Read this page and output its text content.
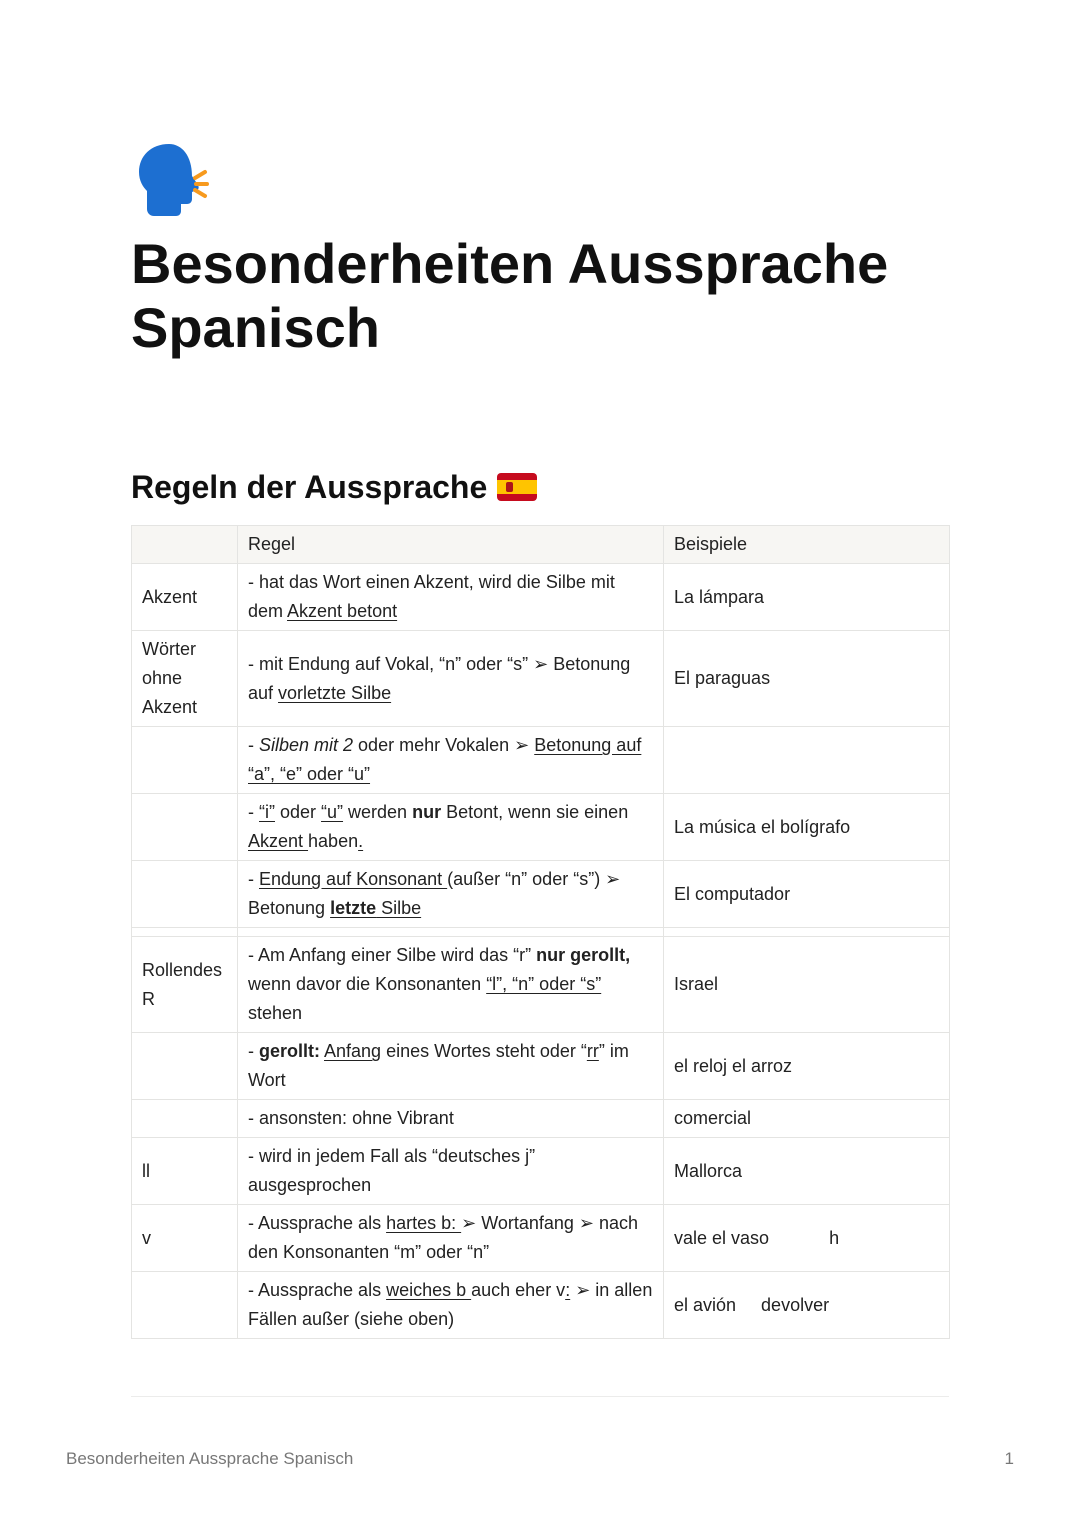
Besonderheiten Aussprache Spanisch
Regeln der Aussprache
	Regel	Beispiele
Akzent	- hat das Wort einen Akzent, wird die Silbe mit dem Akzent betont	La lámpara
Wörter ohne Akzent	- mit Endung auf Vokal, “n” oder “s” ➢ Betonung auf vorletzte Silbe	El paraguas
	- Silben mit 2 oder mehr Vokalen ➢ Betonung auf “a”, “e” oder “u”	
	- “i” oder “u” werden nur Betont, wenn sie einen Akzent haben.	La música el bolígrafo
	- Endung auf Konsonant (außer “n” oder “s”) ➢ Betonung letzte Silbe	El computador

Rollendes R	- Am Anfang einer Silbe wird das “r” nur gerollt, wenn davor die Konsonanten “l”, “n” oder “s” stehen	Israel
	- gerollt: Anfang eines Wortes steht oder “rr” im Wort	el reloj el arroz
	- ansonsten: ohne Vibrant	comercial
ll	- wird in jedem Fall als “deutsches j” ausgesprochen	Mallorca
v	- Aussprache als hartes b: ➢ Wortanfang ➢ nach den Konsonanten “m” oder “n”	vale el vaso            h
	- Aussprache als weiches b auch eher v: ➢ in allen Fällen außer (siehe oben)	el avión     devolver
Besonderheiten Aussprache Spanisch	1
